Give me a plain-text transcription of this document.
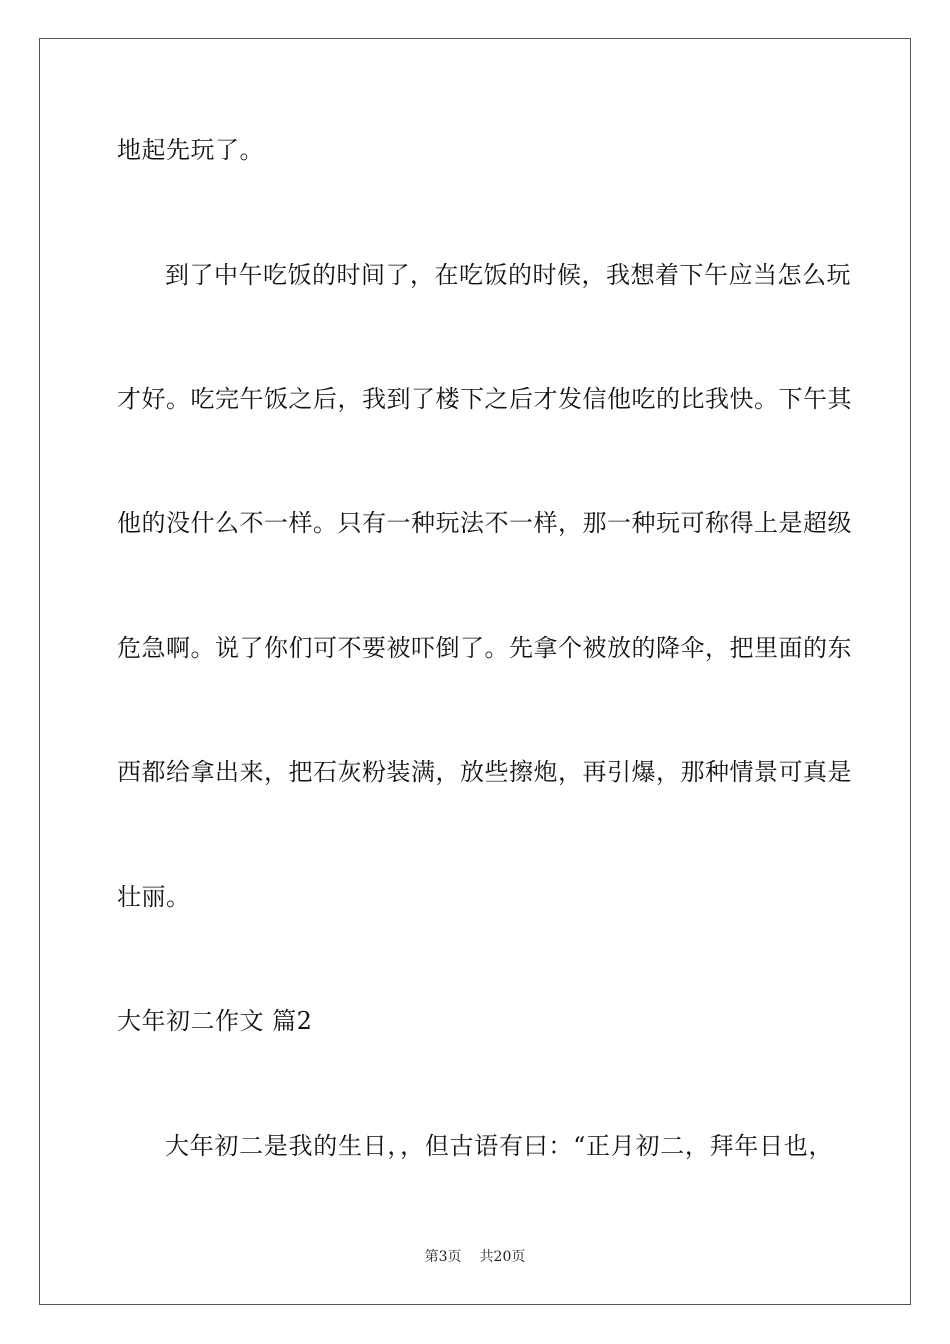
地起先玩了。
到了中午吃饭的时间了，在吃饭的时候，我想着下午应当怎么玩
才好。吃完午饭之后，我到了楼下之后才发信他吃的比我快。下午其
他的没什么不一样。只有一种玩法不一样，那一种玩可称得上是超级
危急啊。说了你们可不要被吓倒了。先拿个被放的降伞，把里面的东
西都给拿出来，把石灰粉装满，放些擦炮，再引爆，那种情景可真是
壮丽。
大年初二作文 篇2
大年初二是我的生日，，但古语有曰：“正月初二，拜年日也，
第3页 共20页
